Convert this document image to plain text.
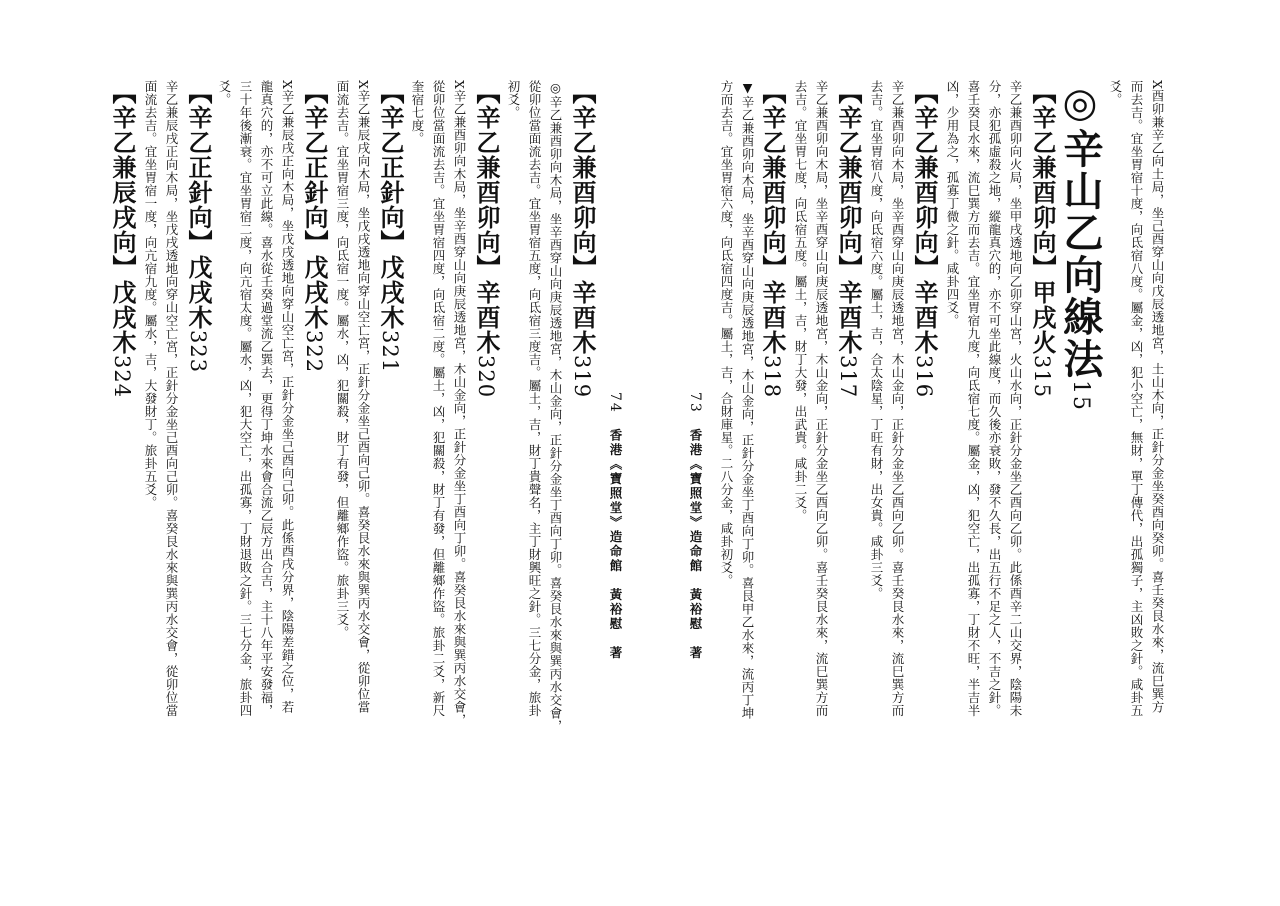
X酉卯兼辛乙向土局，坐己酉穿山向戊辰透地宮，土山木向，正針分金坐癸酉向癸卯。喜壬癸艮水來，流巳巽方
而去吉。宜坐胃宿十度，向氐宿八度。屬金，凶，犯小空亡，無財，單丁傳代，出孤獨子，主凶敗之針。咸卦五
爻。
◎辛山乙向線法15
【辛乙兼酉卯向】甲戌火315
辛乙兼酉卯向火局，坐甲戌透地向乙卯穿山宮，火山水向，正針分金坐乙酉向乙卯。此係酉辛二山交界，陰陽未
分，亦犯孤虛殺之地，縱龍真穴的，亦不可坐此線度，而久後亦衰敗，發不久長，出五行不足之人，不吉之針。
喜壬癸艮水來，流巳巽方而去吉。宜坐胃宿九度，向氐宿七度。屬金，凶，犯空亡，出孤寡，丁財不旺，半吉半
凶，少用為之，孤寡丁微之針。咸卦四爻。
【辛乙兼酉卯向】辛酉木316
辛乙兼酉卯向木局，坐辛酉穿山向庚辰透地宮，木山金向，正針分金坐乙酉向乙卯。喜壬癸艮水來，流巳巽方而
去吉。宜坐胃宿八度，向氐宿六度。屬土，吉，合太陰星，丁旺有財，出女貴。咸卦三爻。
【辛乙兼酉卯向】辛酉木317
辛乙兼酉卯向木局，坐辛酉穿山向庚辰透地宮，木山金向，正針分金坐乙酉向乙卯。喜壬癸艮水來，流巳巽方而
去吉。宜坐胃七度，向氐宿五度。屬土，吉，財丁大發，出武貴。咸卦二爻。
【辛乙兼酉卯向】辛酉木318
▼辛乙兼酉卯向木局，坐辛酉穿山向庚辰透地宮，木山金向，正針分金坐丁酉向丁卯。喜艮甲乙水來，流丙丁坤
方而去吉。宜坐胃宿六度，向氐宿四度吉。屬土，吉，合財庫星。二八分金，咸卦初爻。
73　香港《寶照堂》造命館　黃裕慰　著
74　香港《寶照堂》造命館　黃裕慰　著
【辛乙兼酉卯向】辛酉木319
◎辛乙兼酉卯向木局，坐辛酉穿山向庚辰透地宮，木山金向，正針分金坐丁酉向丁卯。喜癸艮水來與巽丙水交會，
從卯位當面流去吉。宜坐胃宿五度，向氐宿三度吉。屬土，吉，財丁貴聲名，主丁財興旺之針。三七分金，旅卦
初爻。
【辛乙兼酉卯向】辛酉木320
X辛乙兼酉卯向木局，坐辛酉穿山向庚辰透地宮，木山金向，正針分金坐丁酉向丁卯。喜癸艮水來與巽丙水交會，
從卯位當面流去吉。宜坐胃宿四度，向氐宿二度。屬土，凶，犯關殺，財丁有發，但離鄉作盜。旅卦二爻，新尺
奎宿七度。
【辛乙正針向】戊戌木321
X辛乙兼辰戌向木局，坐戊戌透地向穿山空亡宮，正針分金坐己酉向己卯。喜癸艮水來與巽丙水交會，從卯位當
面流去吉。宜坐胃宿三度，向氐宿一度。屬水，凶，犯關殺，財丁有發，但離鄉作盜。旅卦三爻。
【辛乙正針向】戊戌木322
X辛乙兼辰戌正向木局，坐戊戌透地向穿山空亡宮，正針分金坐己酉向己卯。此係酉戌分界，陰陽差錯之位，若
龍真穴的，亦不可立此線。喜水從壬癸過堂流乙巽去，更得丁坤水來會合流乙辰方出合吉，主十八年平安發福，
三十年後漸衰。宜坐胃宿二度，向亢宿太度。屬水，凶，犯大空亡，出孤寡，丁財退敗之針。三七分金，旅卦四
爻。
【辛乙正針向】戊戌木323
辛乙兼辰戌正向木局，坐戊戌透地向穿山空亡宮，正針分金坐己酉向己卯。喜癸艮水來與巽丙水交會，從卯位當
面流去吉。宜坐胃宿一度，向亢宿九度。屬水，吉，大發財丁。旅卦五爻。
【辛乙兼辰戌向】戊戌木324
